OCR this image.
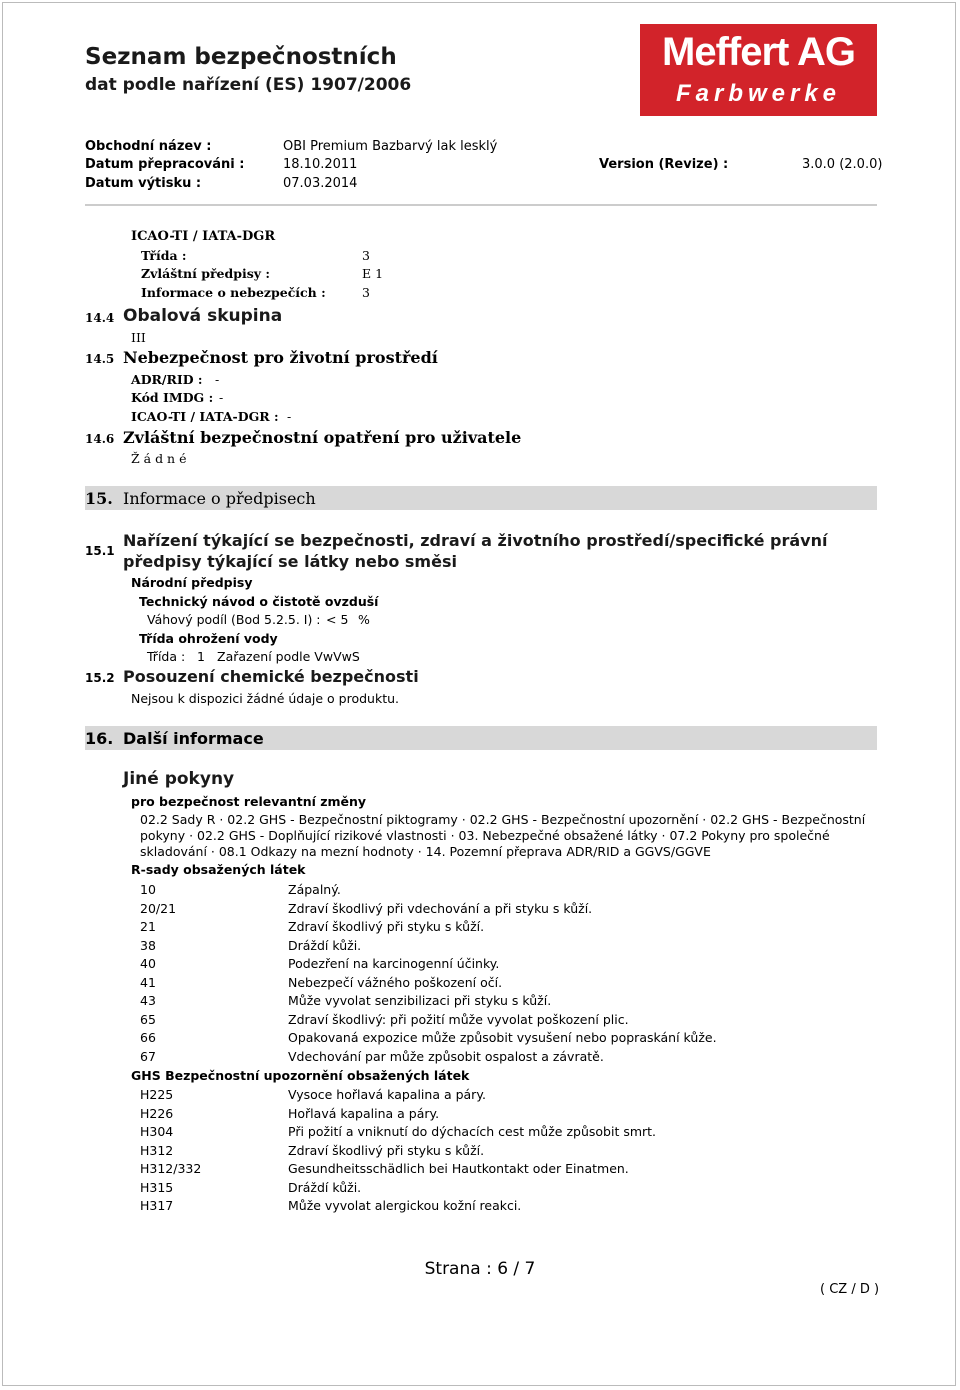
Seznam bezpečnostních
dat podle nařízení (ES) 1907/2006
Meffert AG
Farbwerke
Obchodní název :	OBI Premium Bazbarvý lak lesklý
Datum přepracováni :	18.10.2011	Version (Revize) :	3.0.0 (2.0.0)
Datum výtisku :	07.03.2014
ICAO-TI / IATA-DGR
Třída :	3
Zvláštní předpisy :	E 1
Informace o nebezpečích :	3
14.4 Obalová skupina
III
14.5 Nebezpečnost pro životní prostředí
ADR/RID : -
Kód IMDG : -
ICAO-TI / IATA-DGR : -
14.6 Zvláštní bezpečnostní opatření pro uživatele
Ž á d n é
15. Informace o předpisech
15.1
Nařízení týkající se bezpečnosti, zdraví a životního prostředí/specifické právní
předpisy týkající se látky nebo směsi
Národní předpisy
Technický návod o čistotě ovzduší
Váhový podíl (Bod 5.2.5. I) : < 5 %
Třída ohrožení vody
Třída : 1 Zařazení podle VwVwS
15.2 Posouzení chemické bezpečnosti
Nejsou k dispozici žádné údaje o produktu.
16. Další informace
Jiné pokyny
pro bezpečnost relevantní změny
02.2 Sady R · 02.2 GHS - Bezpečnostní piktogramy · 02.2 GHS - Bezpečnostní upozornění · 02.2 GHS - Bezpečnostní pokyny · 02.2 GHS - Doplňující rizikové vlastnosti · 03. Nebezpečné obsažené látky · 07.2 Pokyny pro společné skladování · 08.1 Odkazy na mezní hodnoty · 14. Pozemní přeprava ADR/RID a GGVS/GGVE
R-sady obsažených látek
10	Zápalný.
20/21	Zdraví škodlivý při vdechování a při styku s kůží.
21	Zdraví škodlivý při styku s kůží.
38	Dráždí kůži.
40	Podezření na karcinogenní účinky.
41	Nebezpečí vážného poškození očí.
43	Může vyvolat senzibilizaci při styku s kůží.
65	Zdraví škodlivý: při požití může vyvolat poškození plic.
66	Opakovaná expozice může způsobit vysušení nebo popraskání kůže.
67	Vdechování par může způsobit ospalost a závratě.
GHS Bezpečnostní upozornění obsažených látek
H225	Vysoce hořlavá kapalina a páry.
H226	Hořlavá kapalina a páry.
H304	Při požití a vniknutí do dýchacích cest může způsobit smrt.
H312	Zdraví škodlivý při styku s kůží.
H312/332	Gesundheitsschädlich bei Hautkontakt oder Einatmen.
H315	Dráždí kůži.
H317	Může vyvolat alergickou kožní reakci.
Strana : 6 / 7
( CZ / D )
